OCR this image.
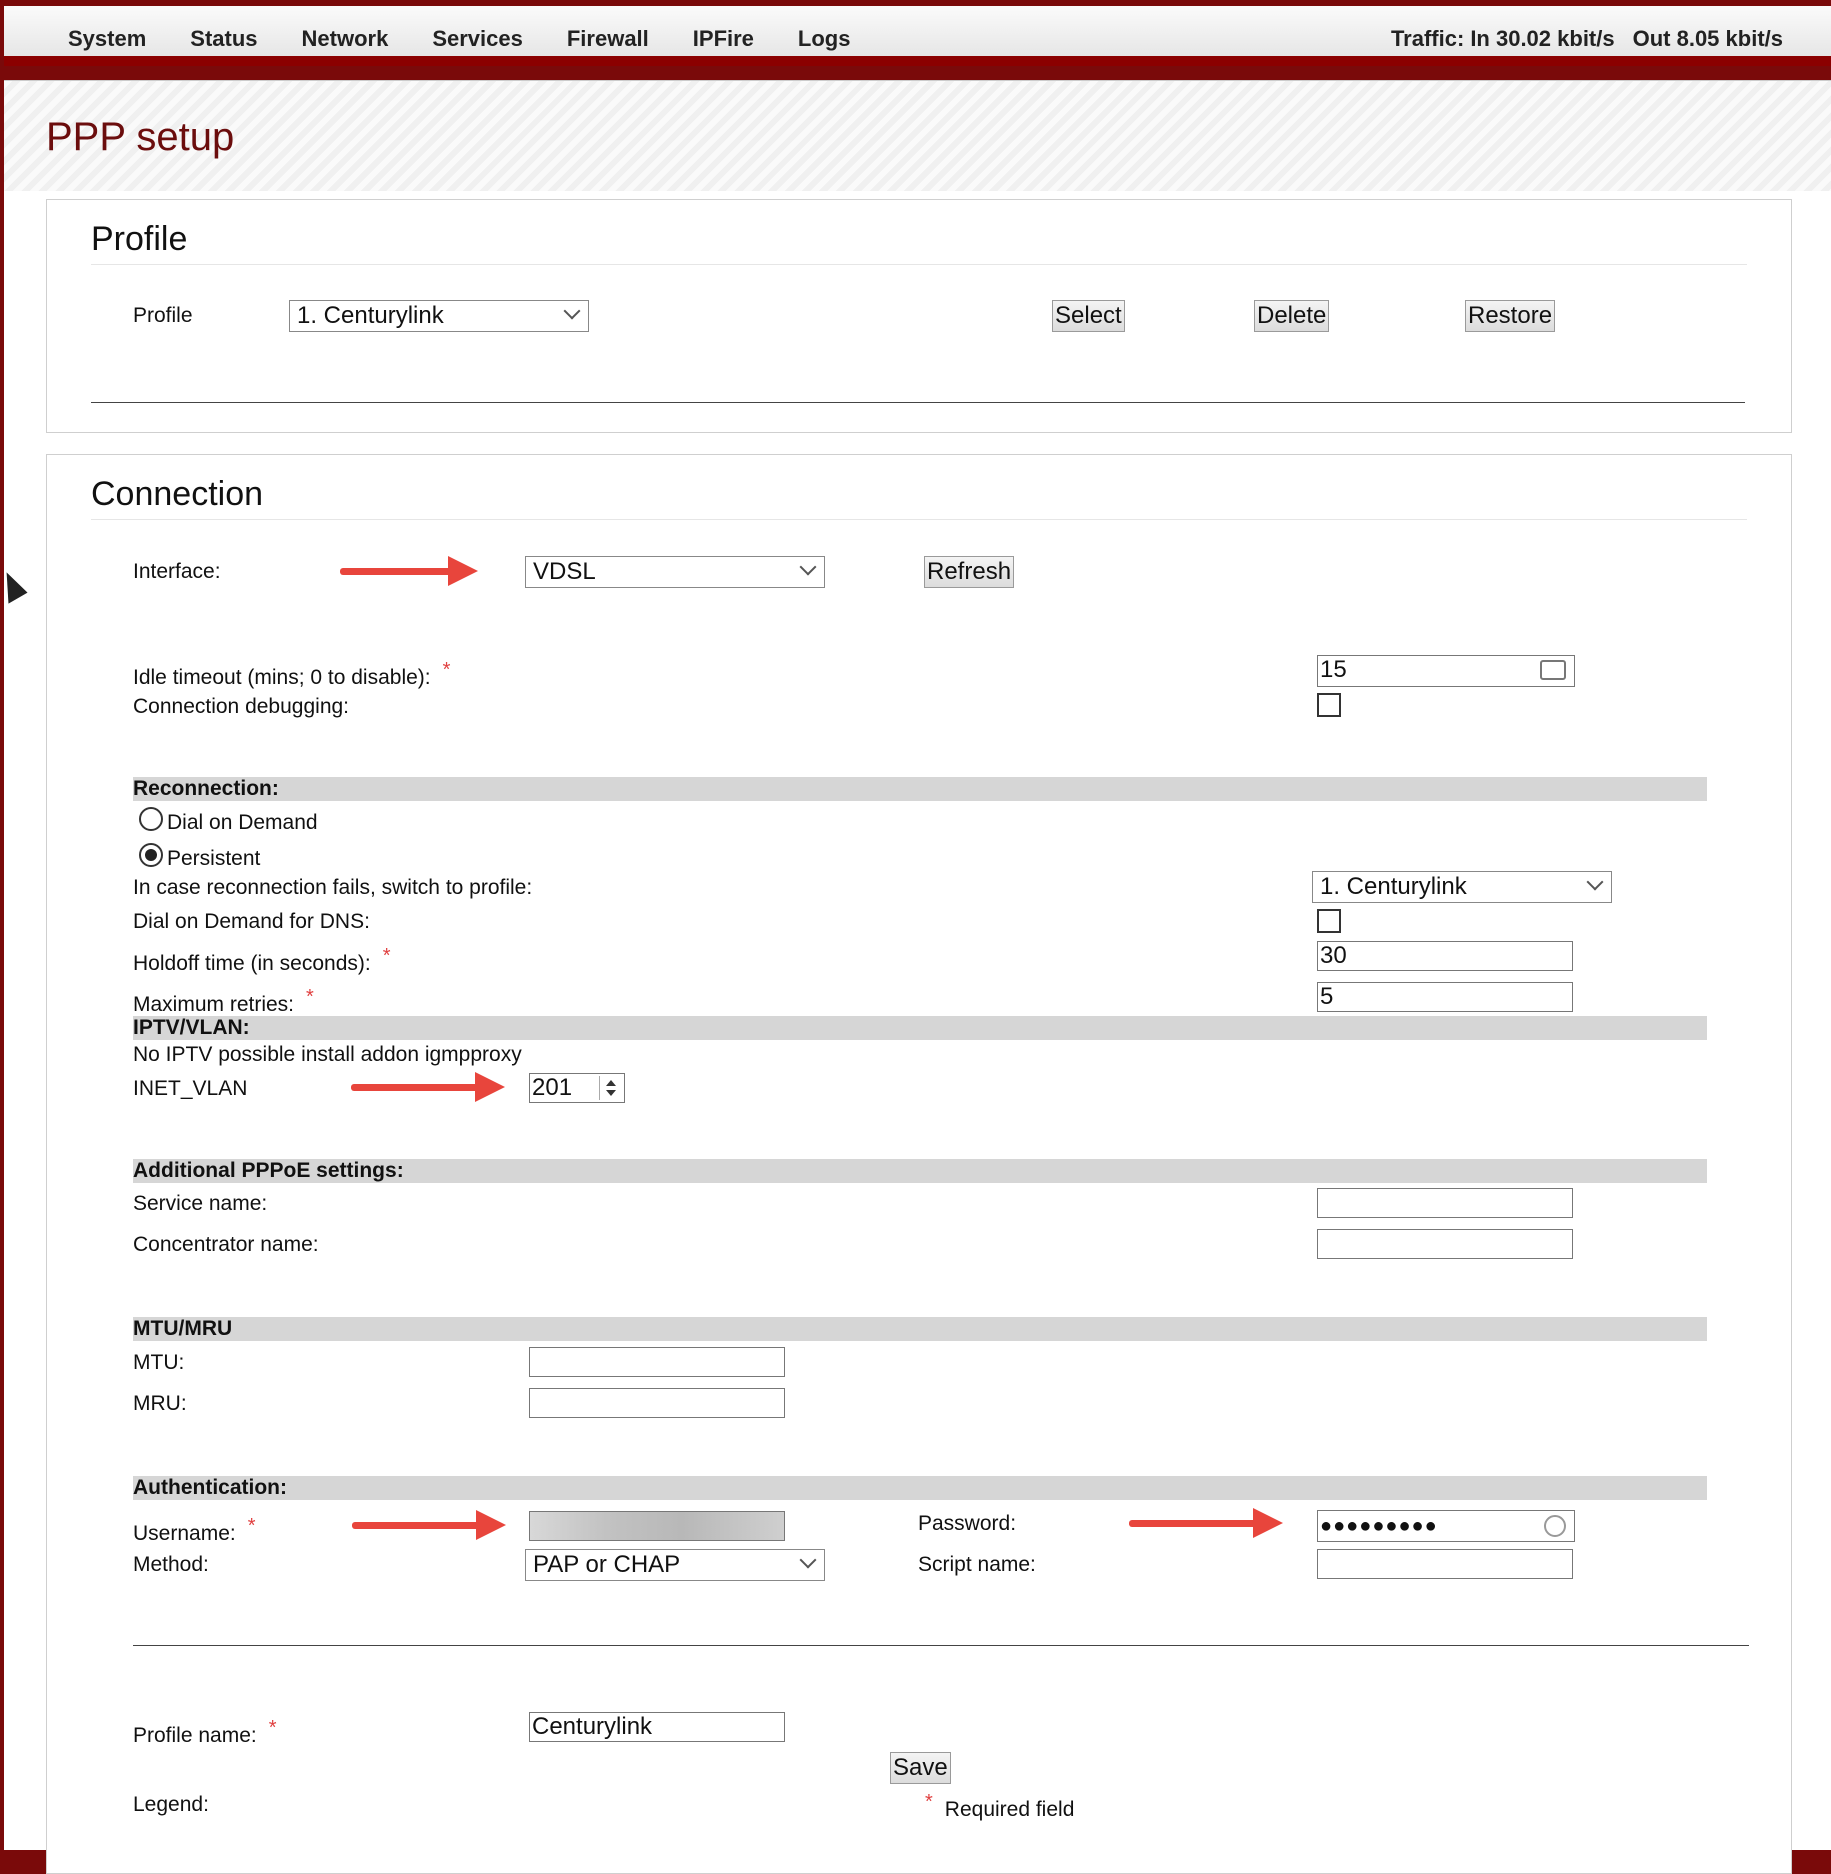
System Status Network Services Firewall IPFire Logs	Traffic: In 30.02 kbit/s Out 8.05 kbit/s
PPP setup
Profile
Profile	1. Centurylink	Select	Delete	Restore
Connection
Interface:	VDSL	Refresh
Idle timeout (mins; 0 to disable): *	15
Connection debugging:
Reconnection:
Dial on Demand
Persistent
In case reconnection fails, switch to profile:	1. Centurylink
Dial on Demand for DNS:
Holdoff time (in seconds): *	30
Maximum retries: *	5
IPTV/VLAN:
No IPTV possible install addon igmpproxy
INET_VLAN	201
Additional PPPoE settings:
Service name:
Concentrator name:
MTU/MRU
MTU:
MRU:
Authentication:
Username: *	Password:	●●●●●●●●●
Method:	PAP or CHAP	Script name:
Profile name: *	Centurylink
Save
Legend:	* Required field
